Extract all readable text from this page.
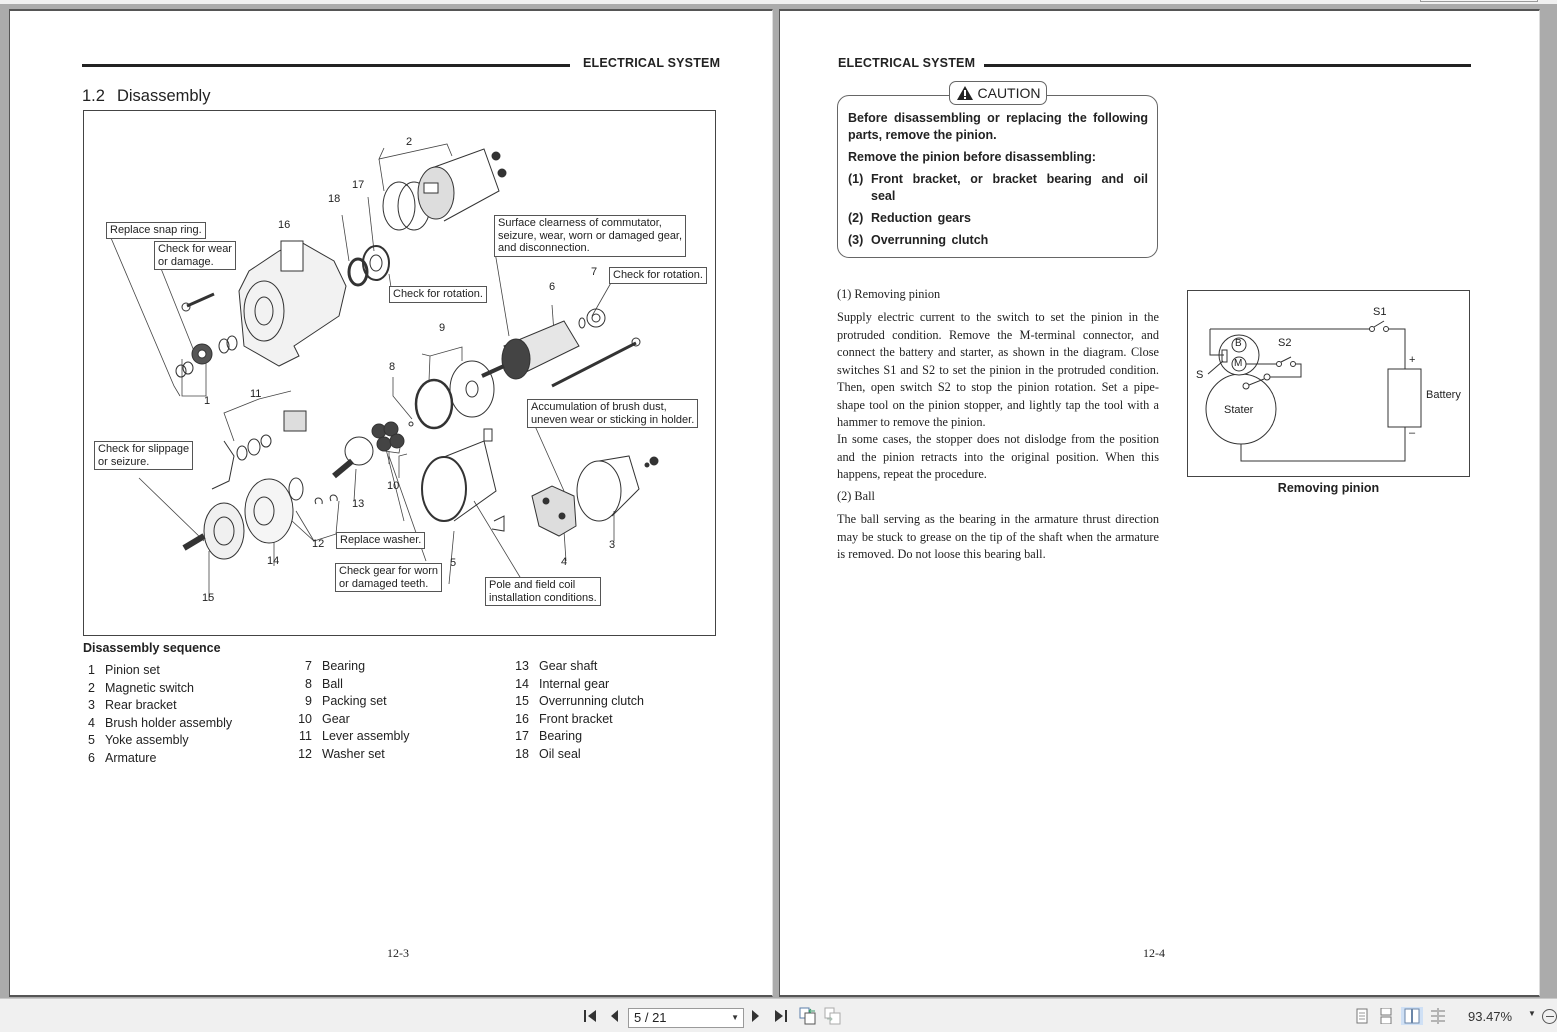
ELECTRICAL SYSTEM
1.2 Disassembly
Replace snap ring.
Check for wear
or damage.
Check for rotation.
Surface clearness of commutator,
seizure, wear, worn or damaged gear,
and disconnection.
Check for rotation.
Accumulation of brush dust,
uneven wear or sticking in holder.
Check for slippage
or seizure.
Replace washer.
Check gear for worn
or damaged teeth.	Pole and field coil
installation conditions.
1
2
3
4
5
6
7
8
9
10
11
12
13
14
15
16
17
18
Disassembly sequence
1 Pinion set
2 Magnetic switch
3 Rear bracket
4 Brush holder assembly
5 Yoke assembly
6 Armature
7 Bearing
8 Ball
9 Packing set
10 Gear
11 Lever assembly
12 Washer set
13 Gear shaft
14 Internal gear
15 Overrunning clutch
16 Front bracket
17 Bearing
18 Oil seal
12-3
ELECTRICAL SYSTEM
CAUTION

Before disassembling or replacing the following parts, remove the pinion.

Remove the pinion before disassembling:

(1) Front bracket, or bracket bearing and oil seal
(2) Reduction gears
(3) Overrunning clutch
(1) Removing pinion
Supply electric current to the switch to set the pinion in the protruded condition. Remove the M-terminal connector, and connect the battery and starter, as shown in the diagram. Close switches S1 and S2 to set the pinion in the protruded condition. Then, open switch S2 to stop the pinion rotation. Set a pipe-shape tool on the pinion stopper, and lightly tap the tool with a hammer to remove the pinion.
In some cases, the stopper does not dislodge from the position and the pinion retracts into the original position. When this happens, repeat the procedure.
(2) Ball
The ball serving as the bearing in the armature thrust direction may be stuck to grease on the tip of the shaft when the armature is removed. Do not loose this bearing ball.
S1
S2
S
B
M
Stater
Battery
+
–
Removing pinion
12-4
5 / 21	▼	93.47% ▼
